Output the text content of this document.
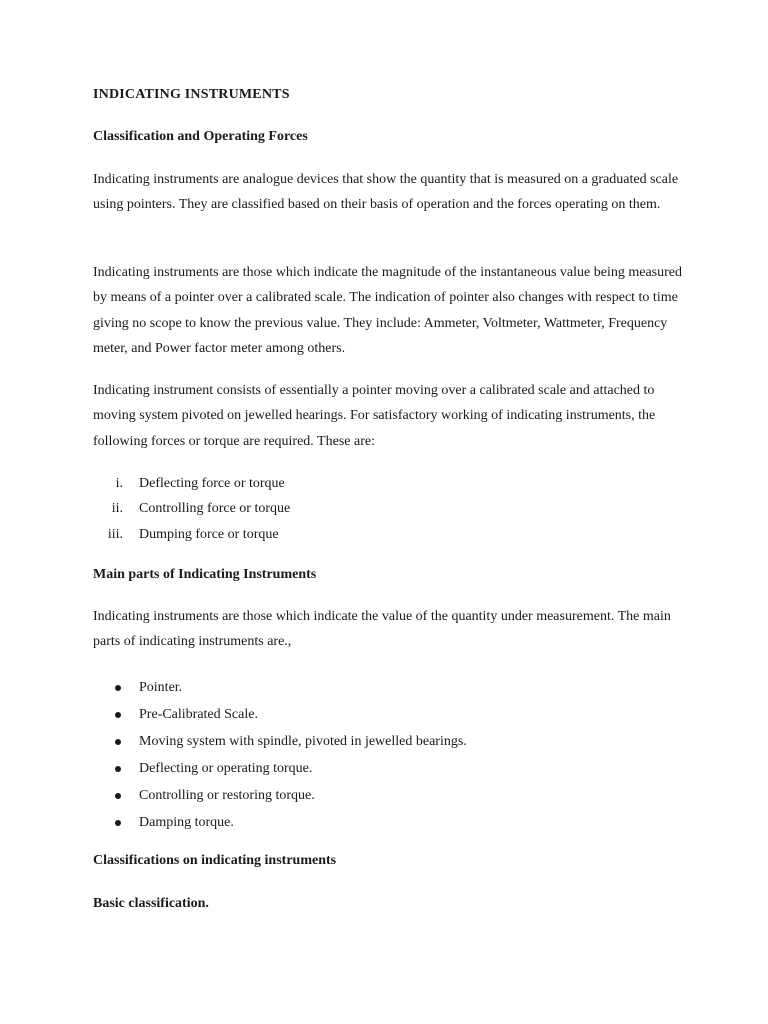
INDICATING INSTRUMENTS
Classification and Operating Forces

Indicating instruments are analogue devices that show the quantity that is measured on a graduated scale using pointers. They are classified based on their basis of operation and the forces operating on them.

Indicating instruments are those which indicate the magnitude of the instantaneous value being measured by means of a pointer over a calibrated scale. The indication of pointer also changes with respect to time giving no scope to know the previous value. They include: Ammeter, Voltmeter, Wattmeter, Frequency meter, and Power factor meter among others.

Indicating instrument consists of essentially a pointer moving over a calibrated scale and attached to moving system pivoted on jewelled hearings. For satisfactory working of indicating instruments, the following forces or torque are required. These are:

i. Deflecting force or torque
ii. Controlling force or torque
iii. Dumping force or torque
Main parts of Indicating Instruments

Indicating instruments are those which indicate the value of the quantity under measurement. The main parts of indicating instruments are.,

Pointer.
Pre-Calibrated Scale.
Moving system with spindle, pivoted in jewelled bearings.
Deflecting or operating torque.
Controlling or restoring torque.
Damping torque.
Classifications on indicating instruments
Basic classification.
